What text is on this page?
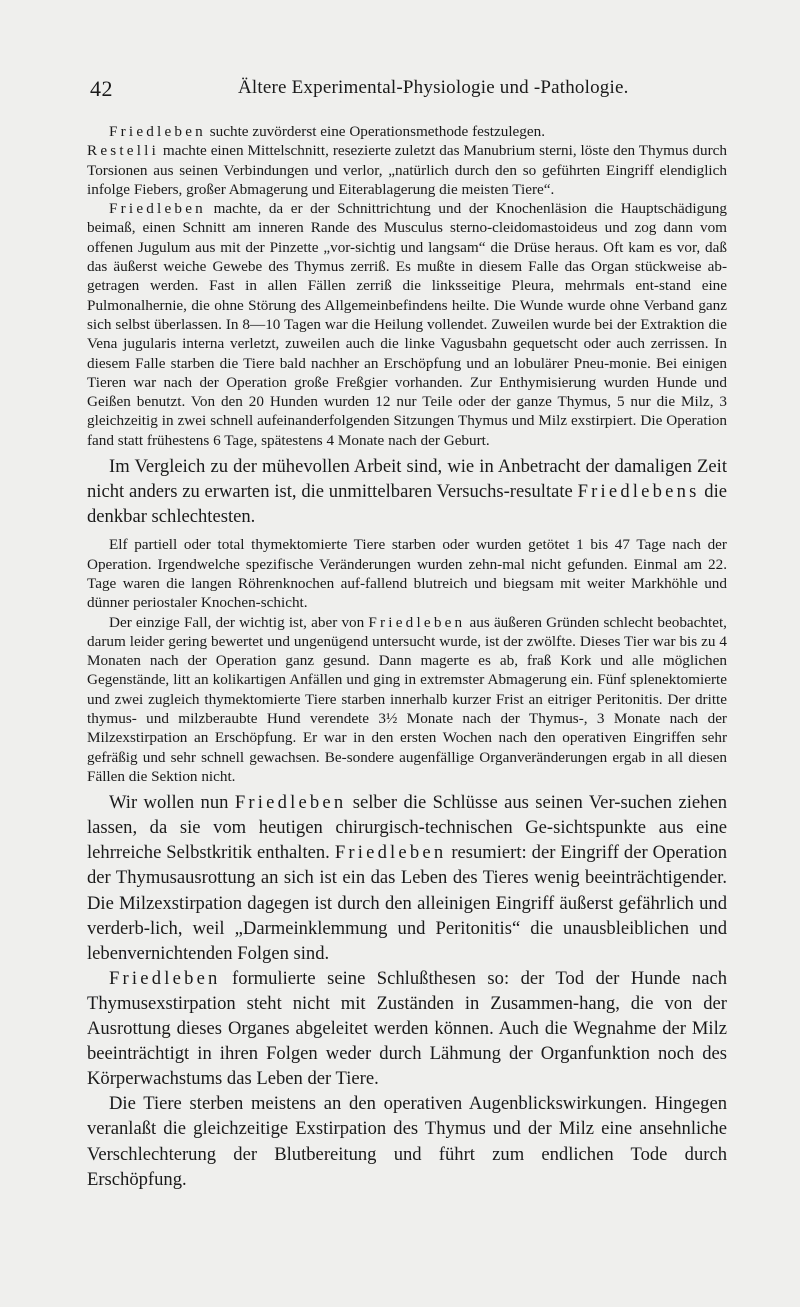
42	Ältere Experimental-Physiologie und -Pathologie.

Friedleben suchte zuvörderst eine Operationsmethode festzulegen.
Restelli machte einen Mittelschnitt, resezierte zuletzt das Manubrium sterni, löste den Thymus durch Torsionen aus seinen Verbindungen und verlor, „natürlich durch den so geführten Eingriff elendiglich infolge Fiebers, großer Abmagerung und Eiterablagerung die meisten Tiere“.

Friedleben machte, da er der Schnittrichtung und der Knochenläsion die Hauptschädigung beimaß, einen Schnitt am inneren Rande des Musculus sterno-cleidomastoideus und zog dann vom offenen Jugulum aus mit der Pinzette „vor-sichtig und langsam“ die Drüse heraus. Oft kam es vor, daß das äußerst weiche Gewebe des Thymus zerriß. Es mußte in diesem Falle das Organ stückweise ab-getragen werden. Fast in allen Fällen zerriß die linksseitige Pleura, mehrmals ent-stand eine Pulmonalhernie, die ohne Störung des Allgemeinbefindens heilte. Die Wunde wurde ohne Verband ganz sich selbst überlassen. In 8—10 Tagen war die Heilung vollendet. Zuweilen wurde bei der Extraktion die Vena jugularis interna verletzt, zuweilen auch die linke Vagusbahn gequetscht oder auch zerrissen. In diesem Falle starben die Tiere bald nachher an Erschöpfung und an lobulärer Pneu-monie. Bei einigen Tieren war nach der Operation große Freßgier vorhanden. Zur Enthymisierung wurden Hunde und Geißen benutzt. Von den 20 Hunden wurden 12 nur Teile oder der ganze Thymus, 5 nur die Milz, 3 gleichzeitig in zwei schnell aufeinanderfolgenden Sitzungen Thymus und Milz exstirpiert. Die Operation fand statt frühestens 6 Tage, spätestens 4 Monate nach der Geburt.

Im Vergleich zu der mühevollen Arbeit sind, wie in Anbetracht der damaligen Zeit nicht anders zu erwarten ist, die unmittelbaren Versuchs-resultate Friedlebens die denkbar schlechtesten.

Elf partiell oder total thymektomierte Tiere starben oder wurden getötet 1 bis 47 Tage nach der Operation. Irgendwelche spezifische Veränderungen wurden zehn-mal nicht gefunden. Einmal am 22. Tage waren die langen Röhrenknochen auf-fallend blutreich und biegsam mit weiter Markhöhle und dünner periostaler Knochen-schicht.

Der einzige Fall, der wichtig ist, aber von Friedleben aus äußeren Gründen schlecht beobachtet, darum leider gering bewertet und ungenügend untersucht wurde, ist der zwölfte. Dieses Tier war bis zu 4 Monaten nach der Operation ganz gesund. Dann magerte es ab, fraß Kork und alle möglichen Gegenstände, litt an kolikartigen Anfällen und ging in extremster Abmagerung ein. Fünf splenektomierte und zwei zugleich thymektomierte Tiere starben innerhalb kurzer Frist an eitriger Peritonitis. Der dritte thymus- und milzberaubte Hund verendete 3½ Monate nach der Thymus-, 3 Monate nach der Milzexstirpation an Erschöpfung. Er war in den ersten Wochen nach den operativen Eingriffen sehr gefräßig und sehr schnell gewachsen. Be-sondere augenfällige Organveränderungen ergab in all diesen Fällen die Sektion nicht.

Wir wollen nun Friedleben selber die Schlüsse aus seinen Ver-suchen ziehen lassen, da sie vom heutigen chirurgisch-technischen Ge-sichtspunkte aus eine lehrreiche Selbstkritik enthalten. Friedleben resumiert: der Eingriff der Operation der Thymusausrottung an sich ist ein das Leben des Tieres wenig beeinträchtigender. Die Milzexstirpation dagegen ist durch den alleinigen Eingriff äußerst gefährlich und verderb-lich, weil „Darmeinklemmung und Peritonitis“ die unausbleiblichen und lebenvernichtenden Folgen sind.

Friedleben formulierte seine Schlußthesen so: der Tod der Hunde nach Thymusexstirpation steht nicht mit Zuständen in Zusammen-hang, die von der Ausrottung dieses Organes abgeleitet werden können. Auch die Wegnahme der Milz beeinträchtigt in ihren Folgen weder durch Lähmung der Organfunktion noch des Körperwachstums das Leben der Tiere.

Die Tiere sterben meistens an den operativen Augenblickswirkungen. Hingegen veranlaßt die gleichzeitige Exstirpation des Thymus und der Milz eine ansehnliche Verschlechterung der Blutbereitung und führt zum endlichen Tode durch Erschöpfung.
